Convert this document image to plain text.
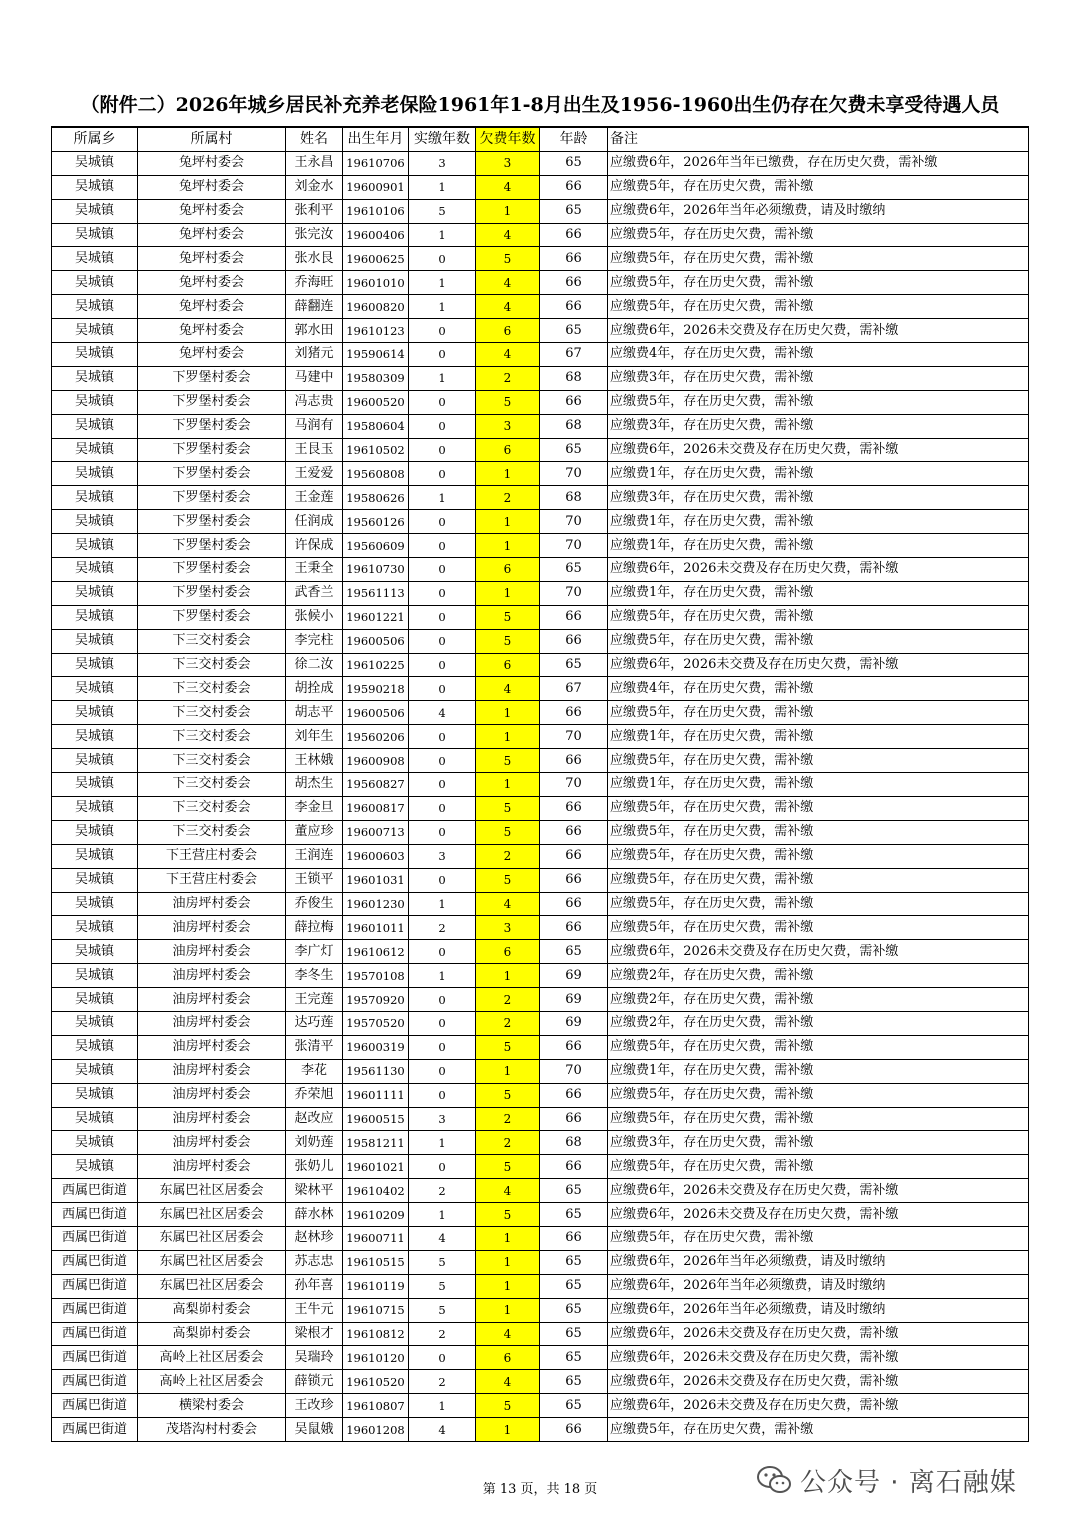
（附件二）2026年城乡居民补充养老保险1961年1-8月出生及1956-1960出生仍存在欠费未享受待遇人员
所属乡	所属村	姓名	出生年月	实缴年数	欠费年数	年龄	备注
吴城镇	兔坪村委会	王永昌	19610706	3	3	65	应缴费6年，2026年当年已缴费，存在历史欠费，需补缴
吴城镇	兔坪村委会	刘金水	19600901	1	4	66	应缴费5年，存在历史欠费，需补缴
吴城镇	兔坪村委会	张利平	19610106	5	1	65	应缴费6年，2026年当年必须缴费，请及时缴纳
吴城镇	兔坪村委会	张完汝	19600406	1	4	66	应缴费5年，存在历史欠费，需补缴
吴城镇	兔坪村委会	张水艮	19600625	0	5	66	应缴费5年，存在历史欠费，需补缴
吴城镇	兔坪村委会	乔海旺	19601010	1	4	66	应缴费5年，存在历史欠费，需补缴
吴城镇	兔坪村委会	薛翻连	19600820	1	4	66	应缴费5年，存在历史欠费，需补缴
吴城镇	兔坪村委会	郭水田	19610123	0	6	65	应缴费6年，2026未交费及存在历史欠费，需补缴
吴城镇	兔坪村委会	刘猪元	19590614	0	4	67	应缴费4年，存在历史欠费，需补缴
吴城镇	下罗堡村委会	马建中	19580309	1	2	68	应缴费3年，存在历史欠费，需补缴
吴城镇	下罗堡村委会	冯志贵	19600520	0	5	66	应缴费5年，存在历史欠费，需补缴
吴城镇	下罗堡村委会	马润有	19580604	0	3	68	应缴费3年，存在历史欠费，需补缴
吴城镇	下罗堡村委会	王艮玉	19610502	0	6	65	应缴费6年，2026未交费及存在历史欠费，需补缴
吴城镇	下罗堡村委会	王爱爱	19560808	0	1	70	应缴费1年，存在历史欠费，需补缴
吴城镇	下罗堡村委会	王金莲	19580626	1	2	68	应缴费3年，存在历史欠费，需补缴
吴城镇	下罗堡村委会	任润成	19560126	0	1	70	应缴费1年，存在历史欠费，需补缴
吴城镇	下罗堡村委会	许保成	19560609	0	1	70	应缴费1年，存在历史欠费，需补缴
吴城镇	下罗堡村委会	王秉全	19610730	0	6	65	应缴费6年，2026未交费及存在历史欠费，需补缴
吴城镇	下罗堡村委会	武香兰	19561113	0	1	70	应缴费1年，存在历史欠费，需补缴
吴城镇	下罗堡村委会	张候小	19601221	0	5	66	应缴费5年，存在历史欠费，需补缴
吴城镇	下三交村委会	李完柱	19600506	0	5	66	应缴费5年，存在历史欠费，需补缴
吴城镇	下三交村委会	徐二汝	19610225	0	6	65	应缴费6年，2026未交费及存在历史欠费，需补缴
吴城镇	下三交村委会	胡拴成	19590218	0	4	67	应缴费4年，存在历史欠费，需补缴
吴城镇	下三交村委会	胡志平	19600506	4	1	66	应缴费5年，存在历史欠费，需补缴
吴城镇	下三交村委会	刘年生	19560206	0	1	70	应缴费1年，存在历史欠费，需补缴
吴城镇	下三交村委会	王林娥	19600908	0	5	66	应缴费5年，存在历史欠费，需补缴
吴城镇	下三交村委会	胡杰生	19560827	0	1	70	应缴费1年，存在历史欠费，需补缴
吴城镇	下三交村委会	李金旦	19600817	0	5	66	应缴费5年，存在历史欠费，需补缴
吴城镇	下三交村委会	董应珍	19600713	0	5	66	应缴费5年，存在历史欠费，需补缴
吴城镇	下王营庄村委会	王润连	19600603	3	2	66	应缴费5年，存在历史欠费，需补缴
吴城镇	下王营庄村委会	王锁平	19601031	0	5	66	应缴费5年，存在历史欠费，需补缴
吴城镇	油房坪村委会	乔俊生	19601230	1	4	66	应缴费5年，存在历史欠费，需补缴
吴城镇	油房坪村委会	薛拉梅	19601011	2	3	66	应缴费5年，存在历史欠费，需补缴
吴城镇	油房坪村委会	李广灯	19610612	0	6	65	应缴费6年，2026未交费及存在历史欠费，需补缴
吴城镇	油房坪村委会	李冬生	19570108	1	1	69	应缴费2年，存在历史欠费，需补缴
吴城镇	油房坪村委会	王完莲	19570920	0	2	69	应缴费2年，存在历史欠费，需补缴
吴城镇	油房坪村委会	达巧莲	19570520	0	2	69	应缴费2年，存在历史欠费，需补缴
吴城镇	油房坪村委会	张清平	19600319	0	5	66	应缴费5年，存在历史欠费，需补缴
吴城镇	油房坪村委会	李花	19561130	0	1	70	应缴费1年，存在历史欠费，需补缴
吴城镇	油房坪村委会	乔荣旭	19601111	0	5	66	应缴费5年，存在历史欠费，需补缴
吴城镇	油房坪村委会	赵改应	19600515	3	2	66	应缴费5年，存在历史欠费，需补缴
吴城镇	油房坪村委会	刘奶莲	19581211	1	2	68	应缴费3年，存在历史欠费，需补缴
吴城镇	油房坪村委会	张奶儿	19601021	0	5	66	应缴费5年，存在历史欠费，需补缴
西属巴街道	东属巴社区居委会	梁林平	19610402	2	4	65	应缴费6年，2026未交费及存在历史欠费，需补缴
西属巴街道	东属巴社区居委会	薛水林	19610209	1	5	65	应缴费6年，2026未交费及存在历史欠费，需补缴
西属巴街道	东属巴社区居委会	赵林珍	19600711	4	1	66	应缴费5年，存在历史欠费，需补缴
西属巴街道	东属巴社区居委会	苏志忠	19610515	5	1	65	应缴费6年，2026年当年必须缴费，请及时缴纳
西属巴街道	东属巴社区居委会	孙年喜	19610119	5	1	65	应缴费6年，2026年当年必须缴费，请及时缴纳
西属巴街道	高梨峁村委会	王牛元	19610715	5	1	65	应缴费6年，2026年当年必须缴费，请及时缴纳
西属巴街道	高梨峁村委会	梁根才	19610812	2	4	65	应缴费6年，2026未交费及存在历史欠费，需补缴
西属巴街道	高岭上社区居委会	吴瑞玲	19610120	0	6	65	应缴费6年，2026未交费及存在历史欠费，需补缴
西属巴街道	高岭上社区居委会	薛锁元	19610520	2	4	65	应缴费6年，2026未交费及存在历史欠费，需补缴
西属巴街道	横梁村委会	王改珍	19610807	1	5	65	应缴费6年，2026未交费及存在历史欠费，需补缴
西属巴街道	茂塔沟村村委会	吴鼠娥	19601208	4	1	66	应缴费5年，存在历史欠费，需补缴
第 13 页，共 18 页	公众号 · 离石融媒
